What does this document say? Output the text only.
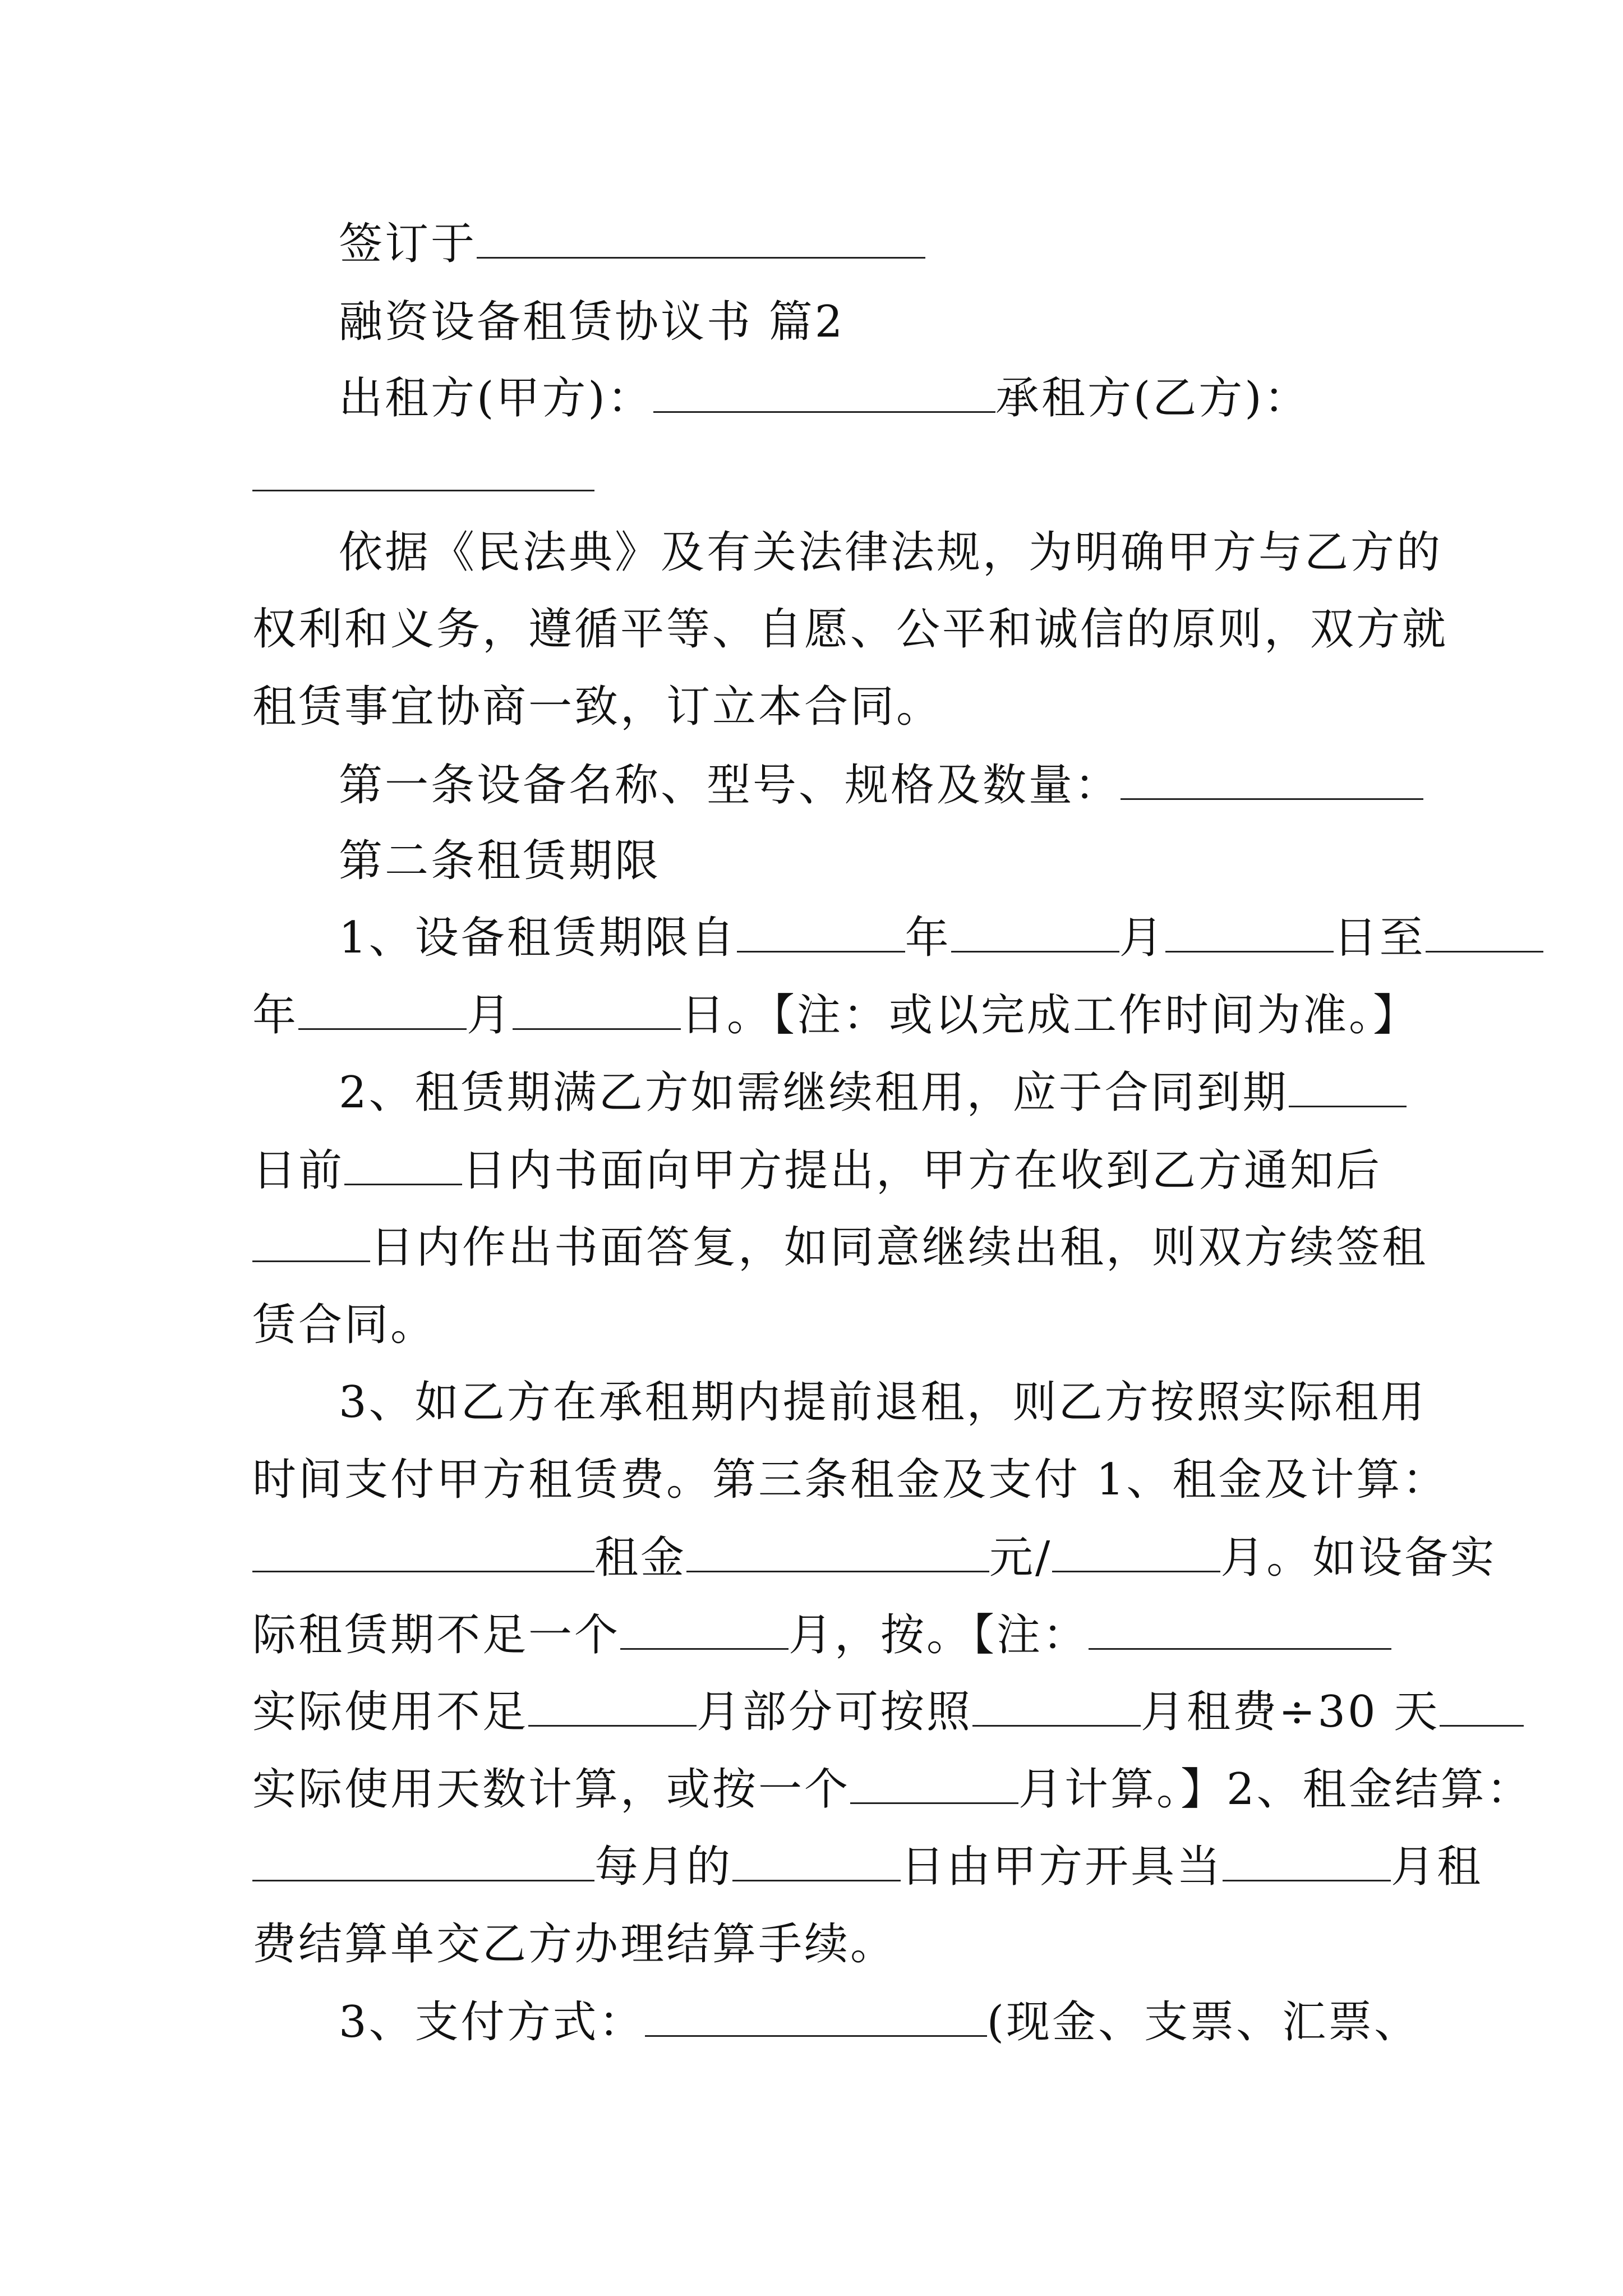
签订于
融资设备租赁协议书 篇2
出租方(甲方)：	承租方(乙方)：
依据《民法典》及有关法律法规，为明确甲方与乙方的
权利和义务，遵循平等、自愿、公平和诚信的原则，双方就
租赁事宜协商一致，订立本合同。
第一条设备名称、型号、规格及数量：
第二条租赁期限
1、设备租赁期限自	年	月	日至
年	月	日。【注：或以完成工作时间为准。】
2、租赁期满乙方如需继续租用，应于合同到期
日前	日内书面向甲方提出，甲方在收到乙方通知后
日内作出书面答复，如同意继续出租，则双方续签租
赁合同。
3、如乙方在承租期内提前退租，则乙方按照实际租用
时间支付甲方租赁费。第三条租金及支付 1、租金及计算：
租金	元/	月。如设备实
际租赁期不足一个	月，按。【注：
实际使用不足	月部分可按照	月租费÷30 天
实际使用天数计算，或按一个	月计算。】2、租金结算：
每月的	日由甲方开具当	月租
费结算单交乙方办理结算手续。
3、支付方式：	(现金、支票、汇票、
